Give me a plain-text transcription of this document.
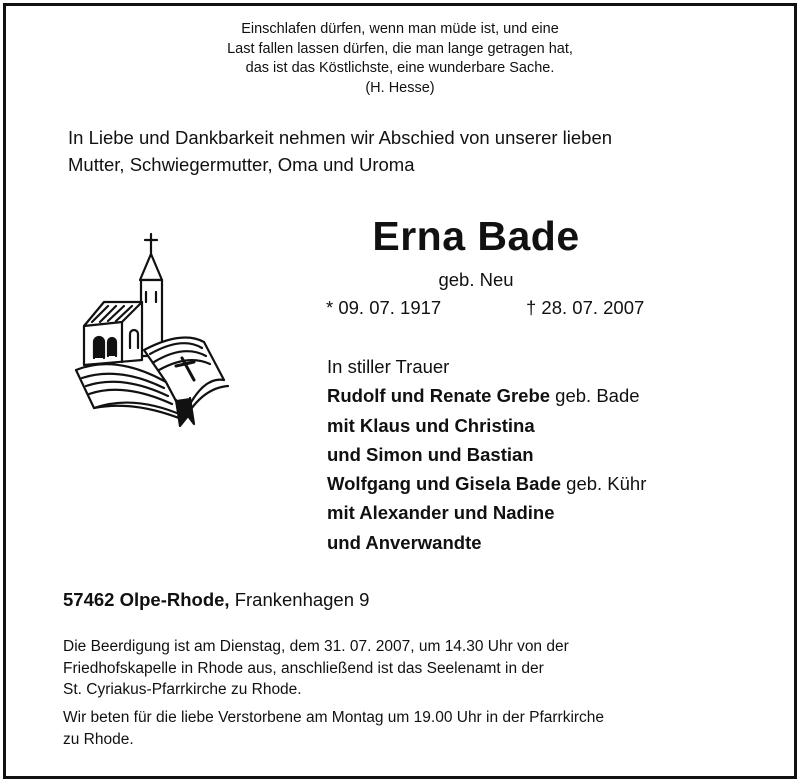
Einschlafen dürfen, wenn man müde ist, und eine
Last fallen lassen dürfen, die man lange getragen hat,
das ist das Köstlichste, eine wunderbare Sache.
(H. Hesse)
In Liebe und Dankbarkeit nehmen wir Abschied von unserer lieben
Mutter, Schwiegermutter, Oma und Uroma
Erna Bade
geb. Neu
* 09. 07. 1917	† 28. 07. 2007
In stiller Trauer
Rudolf und Renate Grebe geb. Bade
mit Klaus und Christina
und Simon und Bastian
Wolfgang und Gisela Bade geb. Kühr
mit Alexander und Nadine
und Anverwandte
57462 Olpe-Rhode, Frankenhagen 9
Die Beerdigung ist am Dienstag, dem 31. 07. 2007, um 14.30 Uhr von der
Friedhofskapelle in Rhode aus, anschließend ist das Seelenamt in der
St. Cyriakus-Pfarrkirche zu Rhode.
Wir beten für die liebe Verstorbene am Montag um 19.00 Uhr in der Pfarrkirche
zu Rhode.
